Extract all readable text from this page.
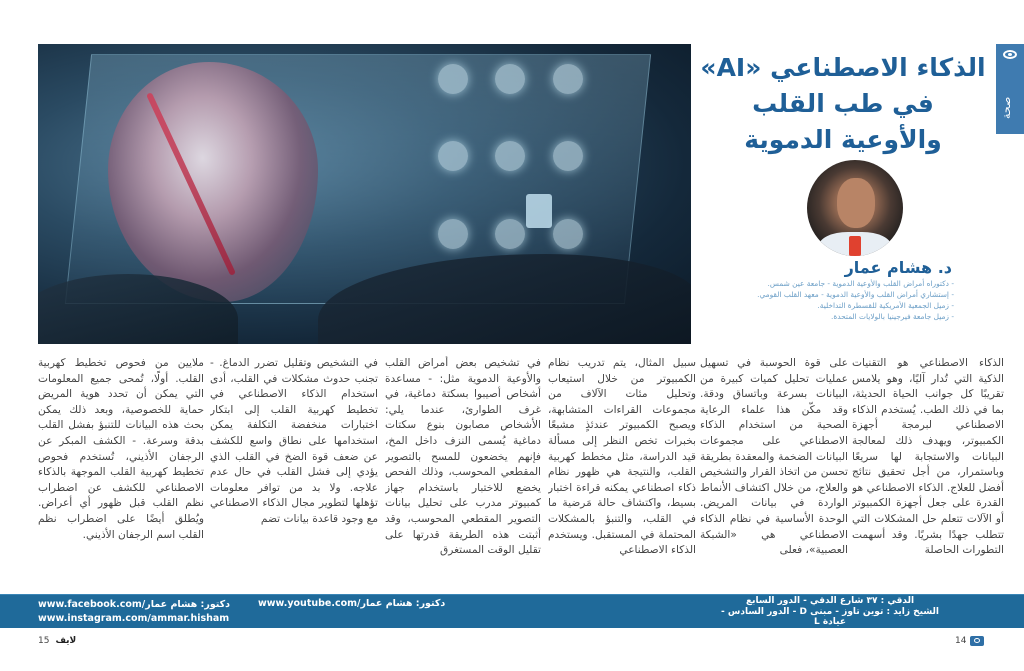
صحة
الذكاء الاصطناعي «AI» في طب القلب والأوعية الدموية
د. هشام عمار
- دكتوراه أمراض القلب والأوعية الدموية - جامعة عين شمس.
- إستشاري أمراض القلب والأوعية الدموية - معهد القلب القومي.
- زميل الجمعية الأمريكية للقسطرة التداخلية.
- زميل جامعة فيرجينيا بالولايات المتحدة.

الذكاء الاصطناعي هو التقنيات الذكية التي تُدار آليًا، وهو يلامس تقريبًا كل جوانب الحياة الحديثة، بما في ذلك الطب. يُستخدم الذكاء الاصطناعي لبرمجة أجهزة الكمبيوتر، ويهدف ذلك لمعالجة البيانات والاستجابة لها سريعًا وباستمرار، من أجل تحقيق نتائج أفضل للعلاج. الذكاء الاصطناعي هو القدرة على جعل أجهزة الكمبيوتر أو الآلات تتعلم حل المشكلات التي تتطلب جهدًا بشريًا. وقد أسهمت التطورات الحاصلة

على قوة الحوسبة في تسهيل عمليات تحليل كميات كبيرة من البيانات بسرعة وباتساق ودقة. وقد مكّن هذا علماء الرعاية الصحية من استخدام الذكاء الاصطناعي على مجموعات البيانات الضخمة والمعقدة بطريقة تحسن من اتخاذ القرار والتشخيص والعلاج، من خلال اكتشاف الأنماط الواردة في بيانات المريض. الوحدة الأساسية في نظام الذكاء الاصطناعي هي «الشبكة العصبية»، فعلى

سبيل المثال، يتم تدريب نظام الكمبيوتر من خلال استيعاب وتحليل مئات الآلاف من مجموعات القراءات المتشابهة، ويصبح الكمبيوتر عندئذٍ مشبعًا بخبرات تخص النظر إلى مسألة قيد الدراسة، مثل مخطط كهربية القلب، والنتيجة هي ظهور نظام ذكاء اصطناعي يمكنه قراءة اختبار بسيط، واكتشاف حالة مَرضية ما في القلب، والتنبؤ بالمشكلات المحتملة في المستقبل. ويستخدم الذكاء الاصطناعي

في تشخيص بعض أمراض القلب والأوعية الدموية مثل: - مساعدة أشخاص أصيبوا بسكتة دماغية، في غرف الطوارئ، عندما يلي: الأشخاص مصابون بنوع سكتات دماغية يُسمى النزف داخل المخ، فإنهم يخضعون للمسح بالتصوير المقطعي المحوسب، وذلك الفحص يخضع للاختبار باستخدام جهاز كمبيوتر مدرب على تحليل بيانات التصوير المقطعي المحوسب، وقد أثبتت هذه الطريقة قدرتها على تقليل الوقت المستغرق

في التشخيص وتقليل تضرر الدماغ. - تجنب حدوث مشكلات في القلب، أدى استخدام الذكاء الاصطناعي في تخطيط كهربية القلب إلى ابتكار اختبارات منخفضة التكلفة يمكن استخدامها على نطاق واسع للكشف عن ضعف قوة الضخ في القلب الذي يؤدي إلى فشل القلب في حال عدم علاجه. ولا بد من توافر معلومات تؤهلها لتطوير مجال الذكاء الاصطناعي مع وجود قاعدة بيانات تضم

ملايين من فحوص تخطيط كهربية القلب. أولًا، تُمحى جميع المعلومات التي يمكن أن تحدد هوية المريض حماية للخصوصية، وبعد ذلك يمكن بحث هذه البيانات للتنبؤ بفشل القلب بدقة وسرعة. - الكشف المبكر عن الرجفان الأذيني، تُستخدم فحوص تخطيط كهربية القلب الموجهة بالذكاء الاصطناعي للكشف عن اضطراب نظم القلب قبل ظهور أي أعراض. ويُطلق أيضًا على اضطراب نظم القلب اسم الرجفان الأذيني.

الدقي : ٣٧ شارع الدقي - الدور السابع
الشيخ زايد : توين تاوز - مبنى D - الدور السادس -
عيادة L
www.youtube.com/دكتور: هشام عمار
www.facebook.com/دكتور: هشام عمار
www.instagram.com/ammar.hisham
14
15 لايف
